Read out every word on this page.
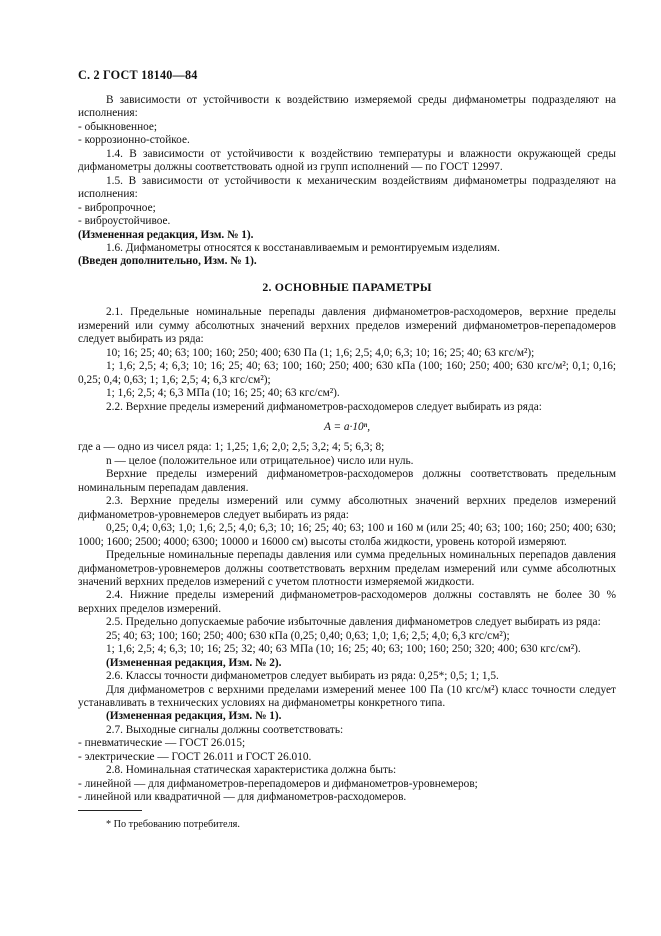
С. 2 ГОСТ 18140—84

В зависимости от устойчивости к воздействию измеряемой среды дифманометры подразделяют на исполнения:

- обыкновенное;

- коррозионно-стойкое.

1.4. В зависимости от устойчивости к воздействию температуры и влажности окружающей среды дифманометры должны соответствовать одной из групп исполнений — по ГОСТ 12997.

1.5. В зависимости от устойчивости к механическим воздействиям дифманометры подразделяют на исполнения:

- вибропрочное;

- виброустойчивое.

(Измененная редакция, Изм. № 1).

1.6. Дифманометры относятся к восстанавливаемым и ремонтируемым изделиям.

(Введен дополнительно, Изм. № 1).

2. ОСНОВНЫЕ ПАРАМЕТРЫ

2.1. Предельные номинальные перепады давления дифманометров-расходомеров, верхние пределы измерений или сумму абсолютных значений верхних пределов измерений дифманометров-перепадомеров следует выбирать из ряда:

10; 16; 25; 40; 63; 100; 160; 250; 400; 630 Па (1; 1,6; 2,5; 4,0; 6,3; 10; 16; 25; 40; 63 кгс/м²);

1; 1,6; 2,5; 4; 6,3; 10; 16; 25; 40; 63; 100; 160; 250; 400; 630 кПа (100; 160; 250; 400; 630 кгс/м²; 0,1; 0,16; 0,25; 0,4; 0,63; 1; 1,6; 2,5; 4; 6,3 кгс/см²);

1; 1,6; 2,5; 4; 6,3 МПа (10; 16; 25; 40; 63 кгс/см²).

2.2. Верхние пределы измерений дифманометров-расходомеров следует выбирать из ряда:

A = a·10ⁿ,

где a — одно из чисел ряда: 1; 1,25; 1,6; 2,0; 2,5; 3,2; 4; 5; 6,3; 8;

n — целое (положительное или отрицательное) число или нуль.

Верхние пределы измерений дифманометров-расходомеров должны соответствовать предельным номинальным перепадам давления.

2.3. Верхние пределы измерений или сумму абсолютных значений верхних пределов измерений дифманометров-уровнемеров следует выбирать из ряда:

0,25; 0,4; 0,63; 1,0; 1,6; 2,5; 4,0; 6,3; 10; 16; 25; 40; 63; 100 и 160 м (или 25; 40; 63; 100; 160; 250; 400; 630; 1000; 1600; 2500; 4000; 6300; 10000 и 16000 см) высоты столба жидкости, уровень которой измеряют.

Предельные номинальные перепады давления или сумма предельных номинальных перепадов давления дифманометров-уровнемеров должны соответствовать верхним пределам измерений или сумме абсолютных значений верхних пределов измерений с учетом плотности измеряемой жидкости.

2.4. Нижние пределы измерений дифманометров-расходомеров должны составлять не более 30 % верхних пределов измерений.

2.5. Предельно допускаемые рабочие избыточные давления дифманометров следует выбирать из ряда:

25; 40; 63; 100; 160; 250; 400; 630 кПа (0,25; 0,40; 0,63; 1,0; 1,6; 2,5; 4,0; 6,3 кгс/см²);

1; 1,6; 2,5; 4; 6,3; 10; 16; 25; 32; 40; 63 МПа (10; 16; 25; 40; 63; 100; 160; 250; 320; 400; 630 кгс/см²).

(Измененная редакция, Изм. № 2).

2.6. Классы точности дифманометров следует выбирать из ряда: 0,25*; 0,5; 1; 1,5.

Для дифманометров с верхними пределами измерений менее 100 Па (10 кгс/м²) класс точности следует устанавливать в технических условиях на дифманометры конкретного типа.

(Измененная редакция, Изм. № 1).

2.7. Выходные сигналы должны соответствовать:

- пневматические — ГОСТ 26.015;

- электрические — ГОСТ 26.011 и ГОСТ 26.010.

2.8. Номинальная статическая характеристика должна быть:

- линейной — для дифманометров-перепадомеров и дифманометров-уровнемеров;

- линейной или квадратичной — для дифманометров-расходомеров.

* По требованию потребителя.
